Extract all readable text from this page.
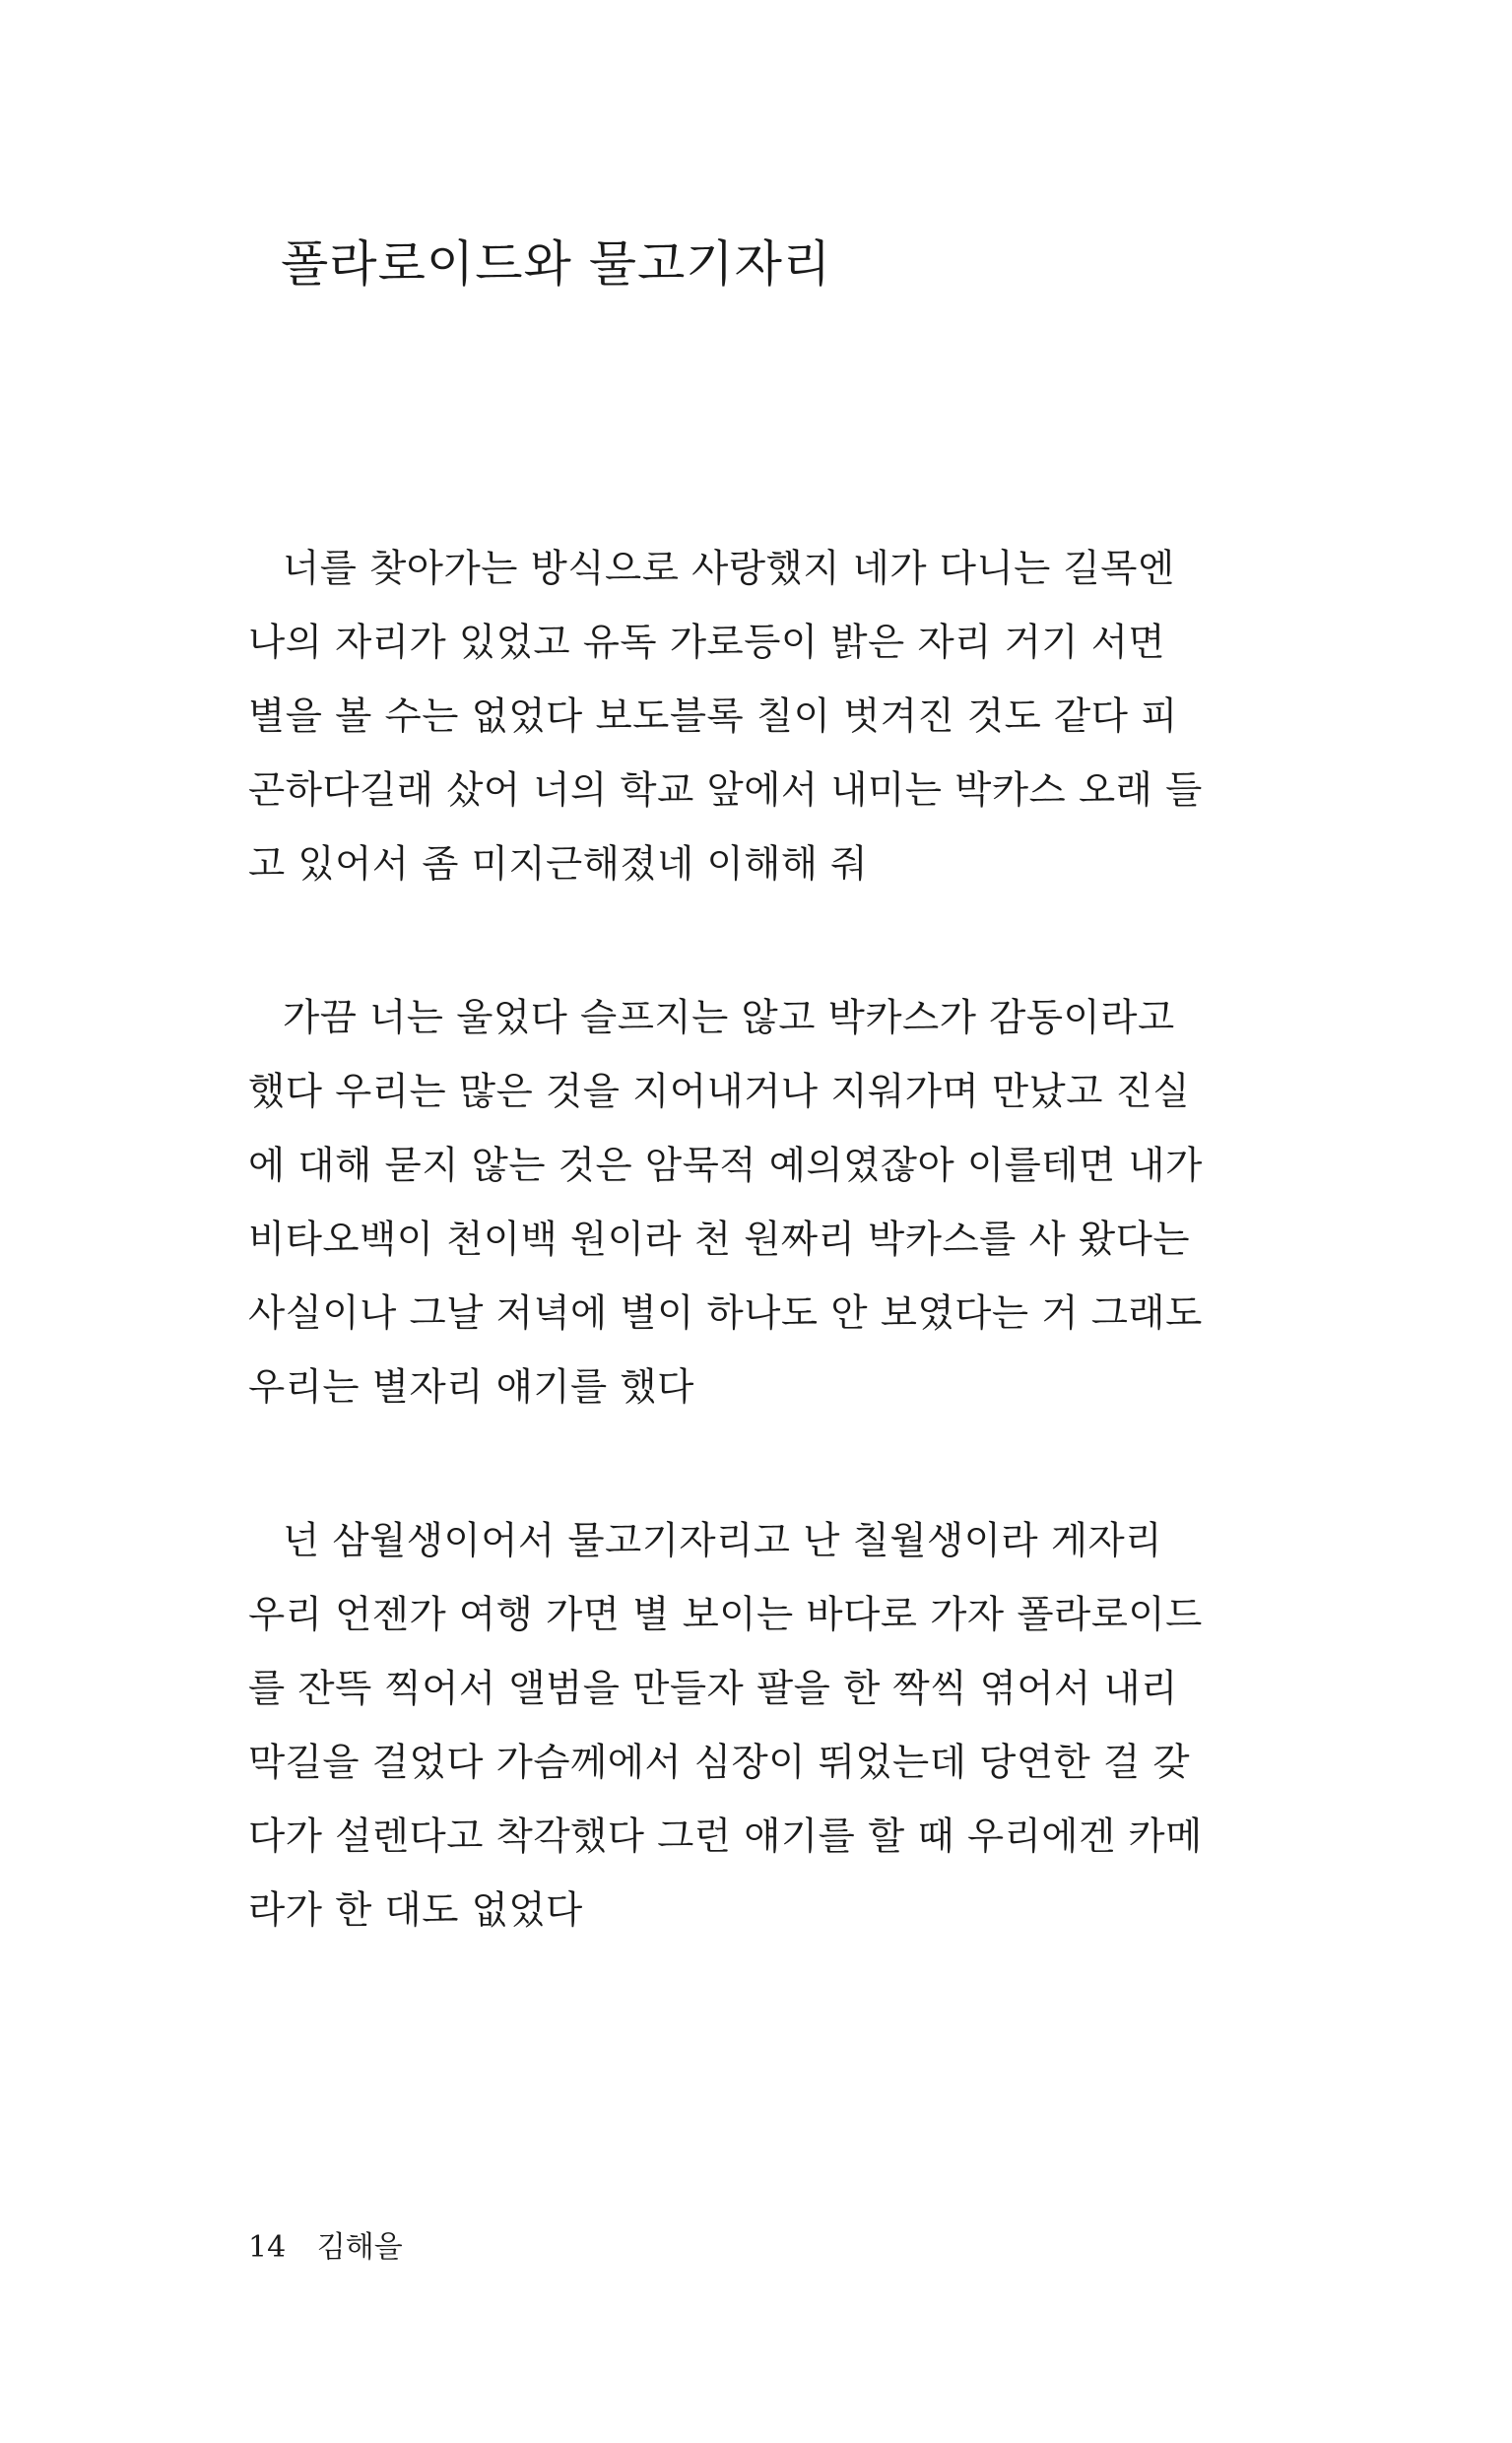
폴라로이드와 물고기자리
너를 찾아가는 방식으로 사랑했지 네가 다니는 길목엔
나의 자리가 있었고 유독 가로등이 밝은 자리 거기 서면
별을 볼 수는 없었다 보도블록 칠이 벗겨진 것도 같다 피
곤하다길래 샀어 너의 학교 앞에서 내미는 박카스 오래 들
고 있어서 좀 미지근해졌네 이해해 줘
가끔 너는 울었다 슬프지는 않고 박카스가 감동이라고
했다 우리는 많은 것을 지어내거나 지워가며 만났고 진실
에 대해 묻지 않는 것은 암묵적 예의였잖아 이를테면 내가
비타오백이 천이백 원이라 천 원짜리 박카스를 사 왔다는
사실이나 그날 저녁에 별이 하나도 안 보였다는 거 그래도
우리는 별자리 얘기를 했다
넌 삼월생이어서 물고기자리고 난 칠월생이라 게자리
우리 언젠가 여행 가면 별 보이는 바다로 가자 폴라로이드
를 잔뜩 찍어서 앨범을 만들자 팔을 한 짝씩 엮어서 내리
막길을 걸었다 가슴께에서 심장이 뛰었는데 당연한 걸 갖
다가 설렌다고 착각했다 그런 얘기를 할 때 우리에겐 카메
라가 한 대도 없었다
14 김해을
